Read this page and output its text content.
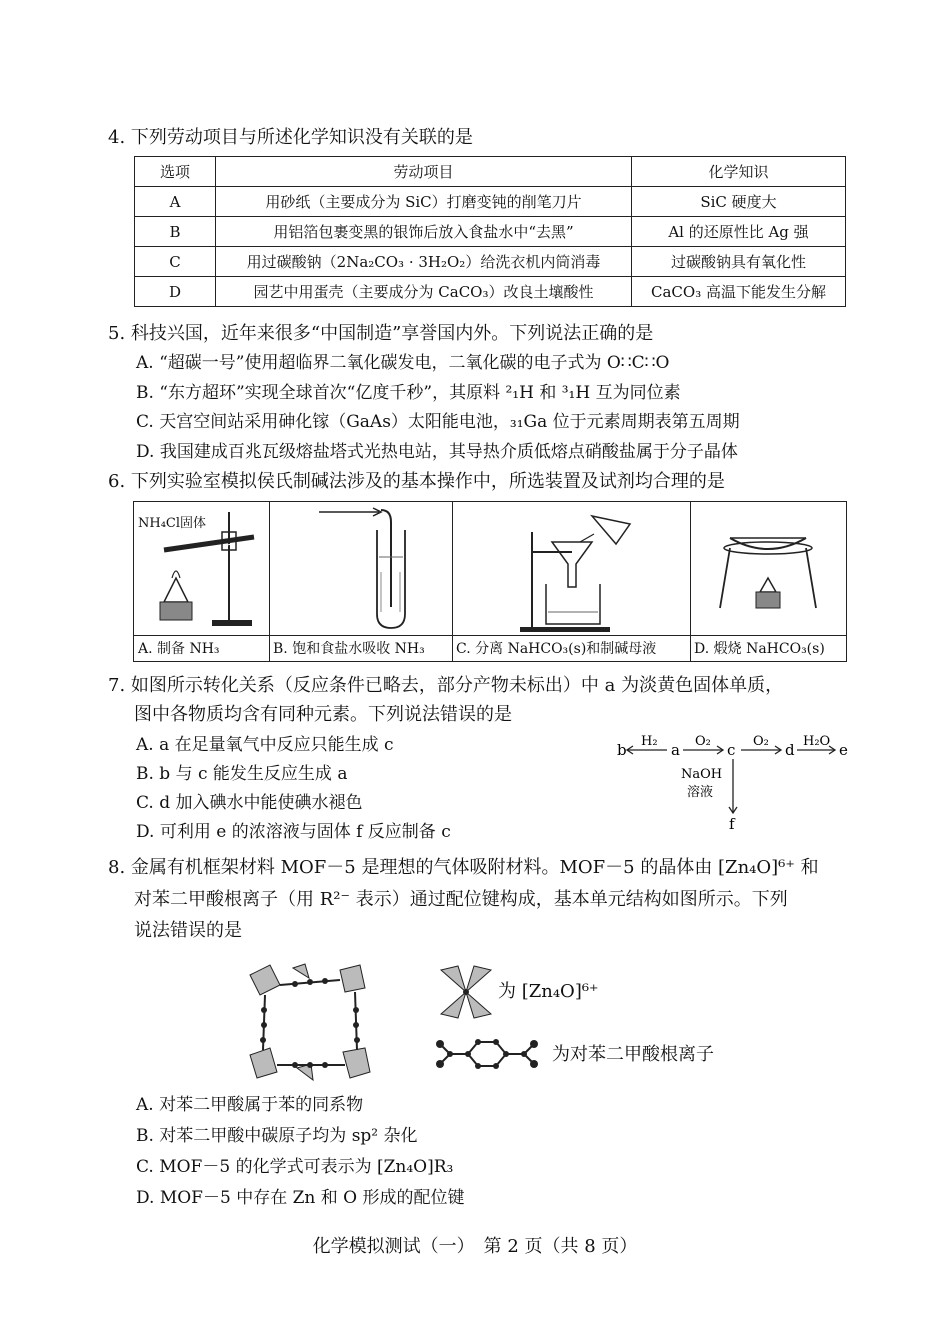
4. 下列劳动项目与所述化学知识没有关联的是
选项	劳动项目	化学知识
A	用砂纸（主要成分为 SiC）打磨变钝的削笔刀片	SiC 硬度大
B	用铝箔包裹变黑的银饰后放入食盐水中“去黑”	Al 的还原性比 Ag 强
C	用过碳酸钠（2Na₂CO₃ · 3H₂O₂）给洗衣机内筒消毒	过碳酸钠具有氧化性
D	园艺中用蛋壳（主要成分为 CaCO₃）改良土壤酸性	CaCO₃ 高温下能发生分解
5. 科技兴国，近年来很多“中国制造”享誉国内外。下列说法正确的是
A. “超碳一号”使用超临界二氧化碳发电，二氧化碳的电子式为 O∷C∷O
B. “东方超环”实现全球首次“亿度千秒”，其原料 ²₁H 和 ³₁H 互为同位素
C. 天宫空间站采用砷化镓（GaAs）太阳能电池，₃₁Ga 位于元素周期表第五周期
D. 我国建成百兆瓦级熔盐塔式光热电站，其导热介质低熔点硝酸盐属于分子晶体
6. 下列实验室模拟侯氏制碱法涉及的基本操作中，所选装置及试剂均合理的是
NH₄Cl固体
A. 制备 NH₃	B. 饱和食盐水吸收 NH₃	C. 分离 NaHCO₃(s)和制碱母液	D. 煅烧 NaHCO₃(s)
7. 如图所示转化关系（反应条件已略去，部分产物未标出）中 a 为淡黄色固体单质，
图中各物质均含有同种元素。下列说法错误的是
A. a 在足量氧气中反应只能生成 c
B. b 与 c 能发生反应生成 a
C. d 加入碘水中能使碘水褪色
D. 可利用 e 的浓溶液与固体 f 反应制备 c
b	a	c	d	e
f
H₂	O₂	O₂	H₂O
NaOH
溶液
8. 金属有机框架材料 MOF－5 是理想的气体吸附材料。MOF－5 的晶体由 [Zn₄O]⁶⁺ 和
对苯二甲酸根离子（用 R²⁻ 表示）通过配位键构成，基本单元结构如图所示。下列
说法错误的是
为 [Zn₄O]⁶⁺
为对苯二甲酸根离子
A. 对苯二甲酸属于苯的同系物
B. 对苯二甲酸中碳原子均为 sp² 杂化
C. MOF－5 的化学式可表示为 [Zn₄O]R₃
D. MOF－5 中存在 Zn 和 O 形成的配位键
化学模拟测试（一）　第 2 页（共 8 页）
